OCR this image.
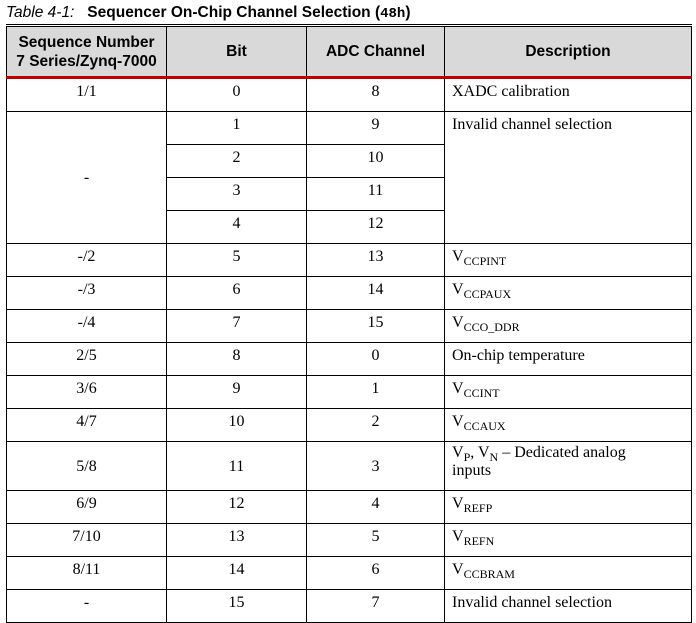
Table 4-1: Sequencer On-Chip Channel Selection (48h)
Sequence Number
7 Series/Zynq-7000	Bit	ADC Channel	Description
1/1	0	8	XADC calibration
-	1	9	Invalid channel selection
	2	10	
	3	11	
	4	12	
-/2	5	13	$V_{CCPINT}$
-/3	6	14	$V_{CCPAUX}$
-/4	7	15	$V_{CCO\_DDR}$
2/5	8	0	On-chip temperature
3/6	9	1	$V_{CCINT}$
4/7	10	2	$V_{CCAUX}$
5/8	11	3	$V_P$, $V_N$ – Dedicated analog
inputs
6/9	12	4	$V_{REFP}$
7/10	13	5	$V_{REFN}$
8/11	14	6	$V_{CCBRAM}$
-	15	7	Invalid channel selection
